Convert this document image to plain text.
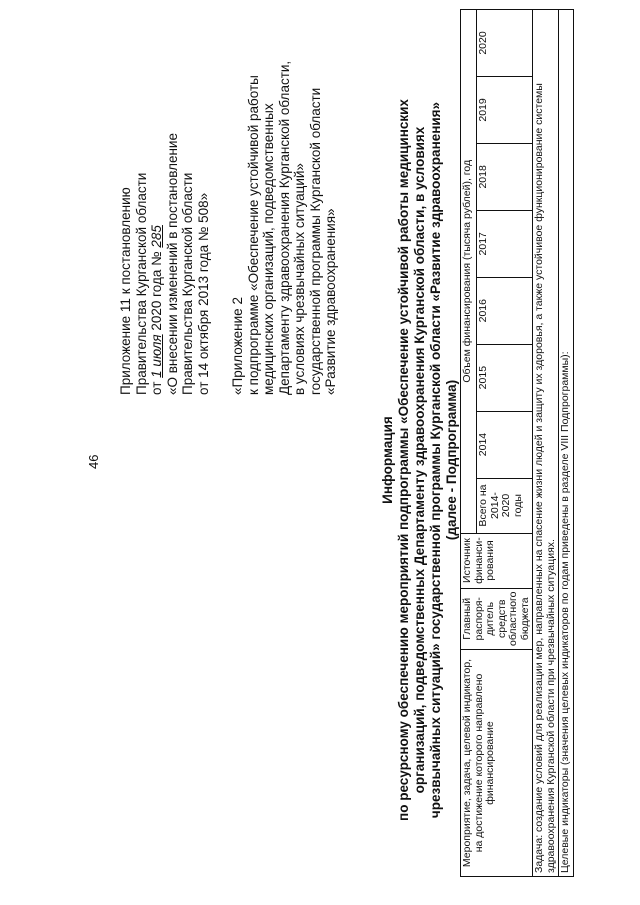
46
Приложение 11 к постановлению Правительства Курганской области от 1 июля 2020 года № 285 «О внесении изменений в постановление Правительства Курганской области от 14 октября 2013 года № 508» «Приложение 2 к подпрограмме «Обеспечение устойчивой работы медицинских организаций, подведомственных Департаменту здравоохранения Курганской области, в условиях чрезвычайных ситуаций» государственной программы Курганской области «Развитие здравоохранения»
Информация по ресурсному обеспечению мероприятий подпрограммы «Обеспечение устойчивой работы медицинских организаций, подведомственных Департаменту здравоохранения Курганской области, в условиях чрезвычайных ситуаций» государственной программы Курганской области «Развитие здравоохранения» (далее - Подпрограмма)
Мероприятие, задача, целевой индикатор, на достижение которого направлено финансирование	Главный распоря-дитель средств областного бюджета	Источник финанси-рования	Объем финансирования (тысяча рублей), год							
			Всего на 2014-2020 годы	2014	2015	2016	2017	2018	2019	2020
Задача: создание условий для реализации мер, направленных на спасение жизни людей и защиту их здоровья, а также устойчивое функционирование системы здравоохранения Курганской области при чрезвычайных ситуациях.										
Целевые индикаторы (значения целевых индикаторов по годам приведены в разделе VIII Подпрограммы):										
